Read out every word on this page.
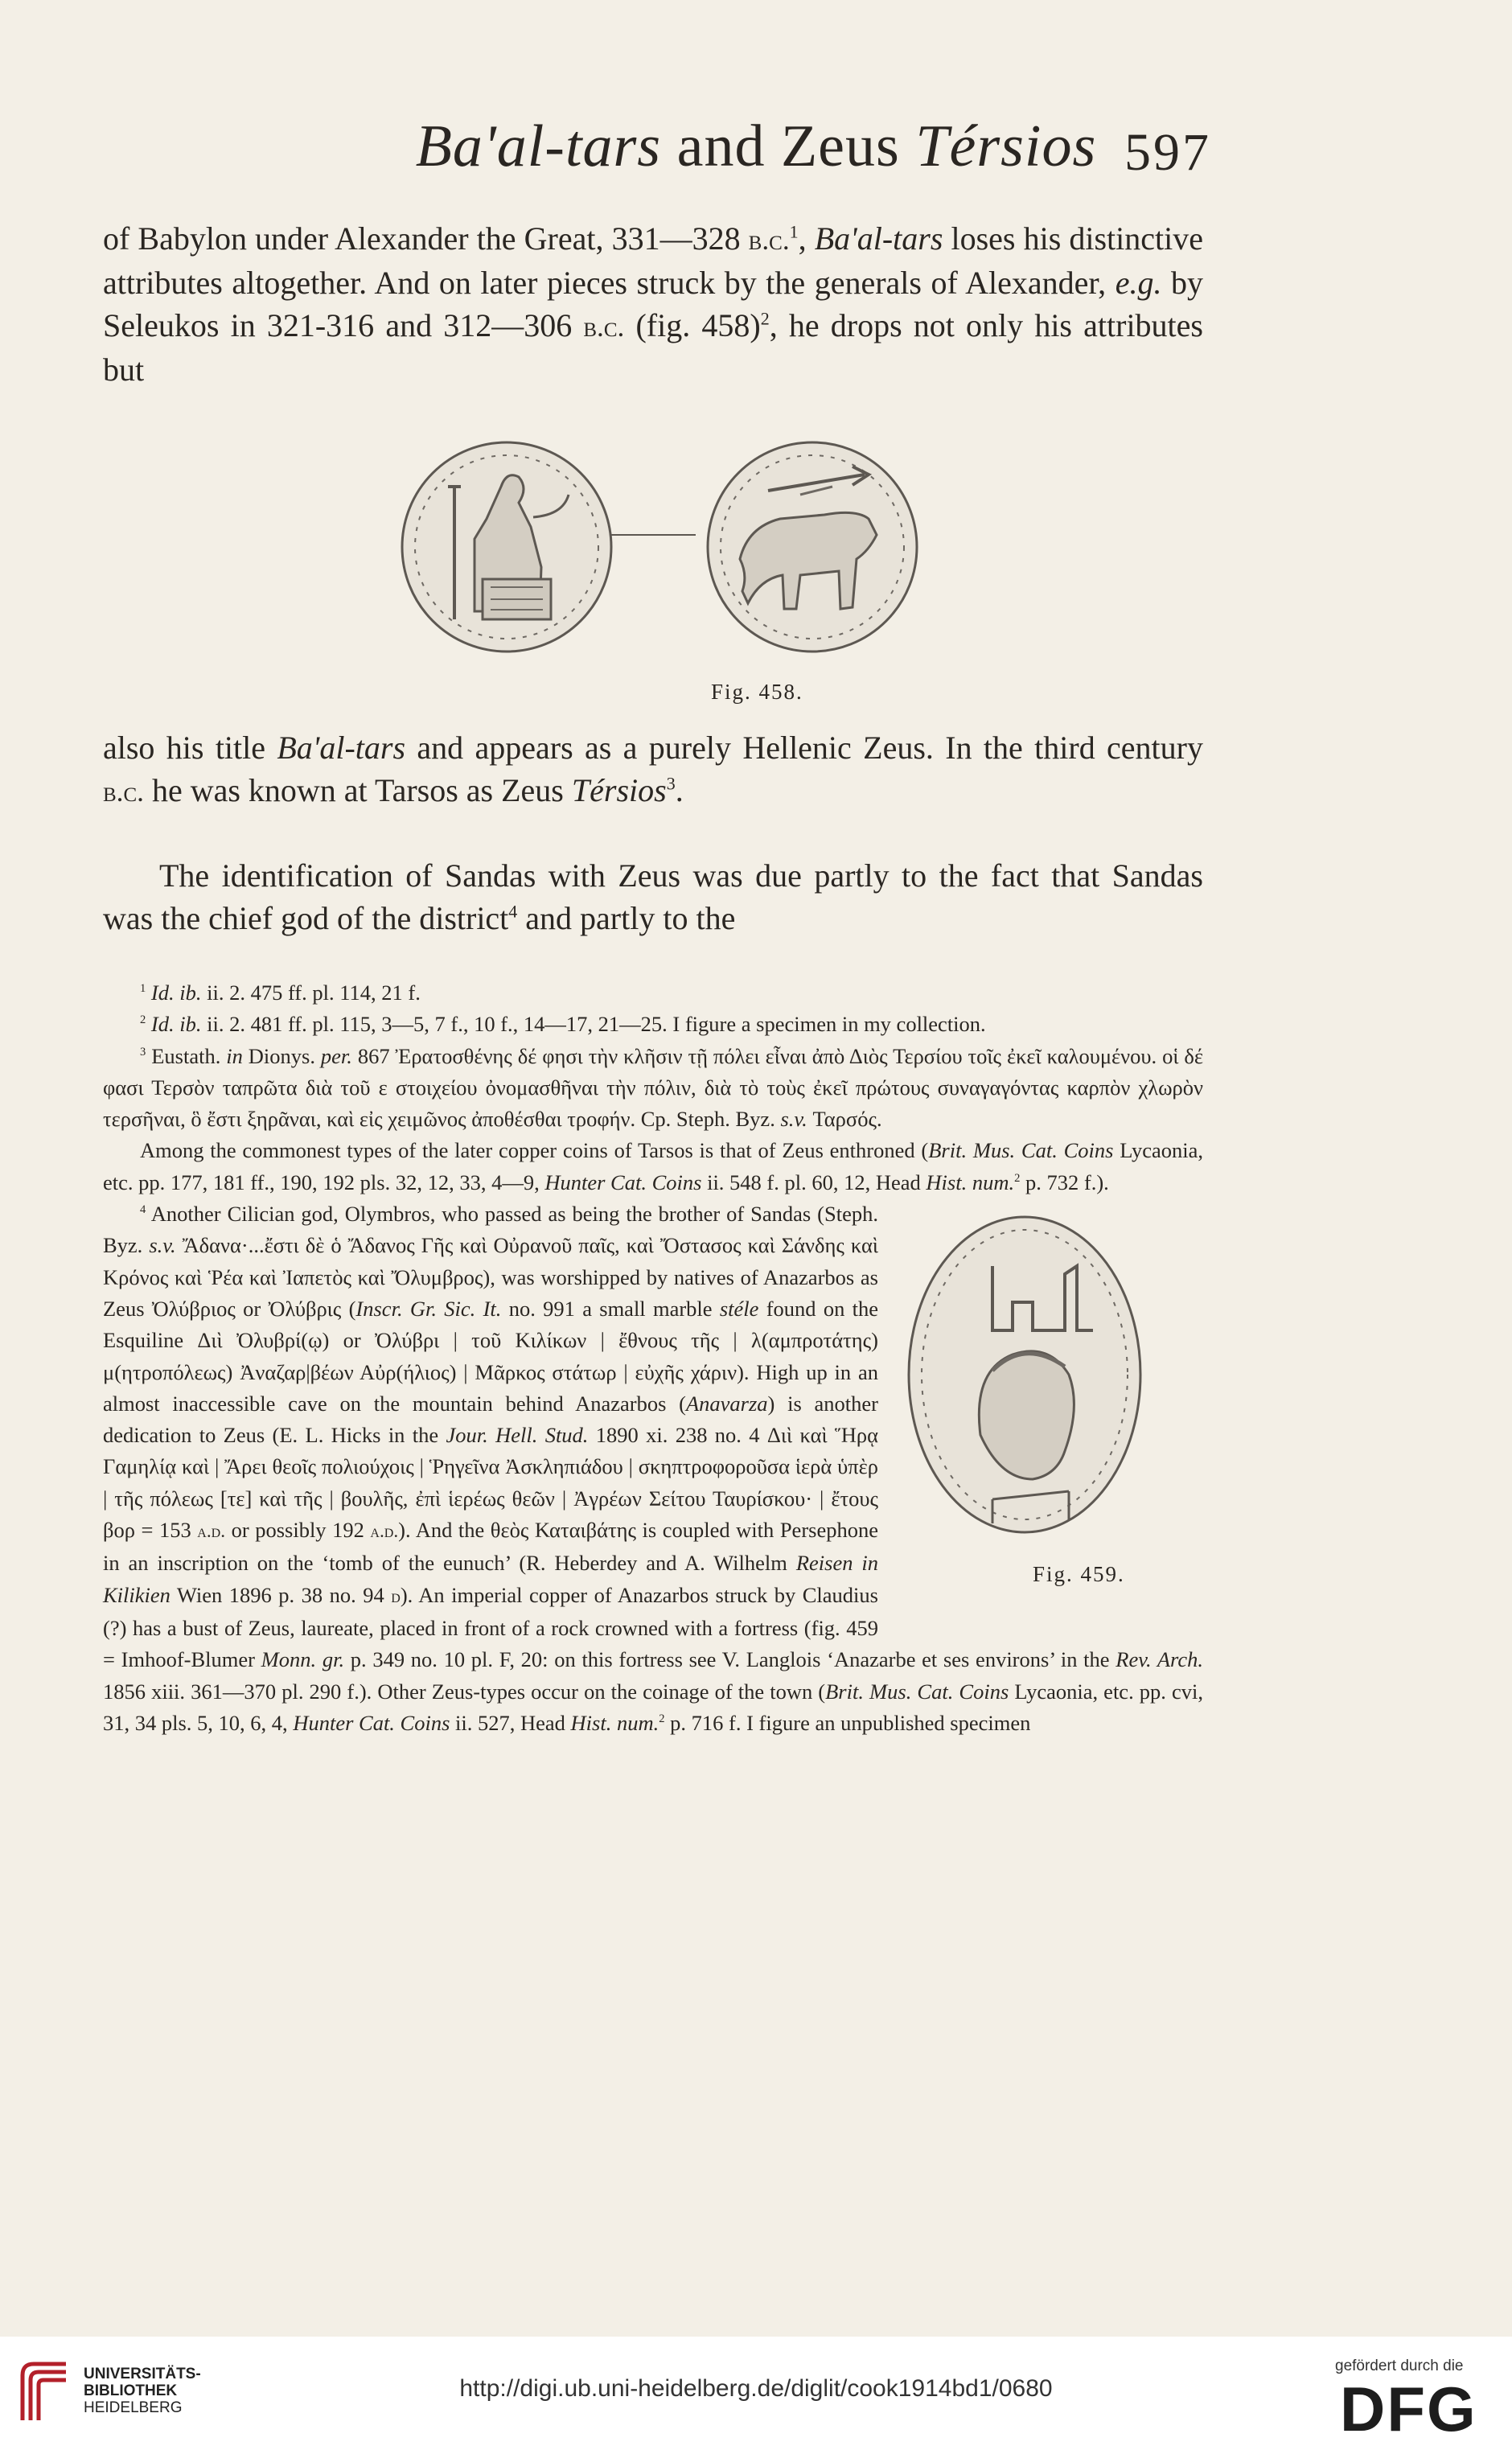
Ba'al-tars and Zeus Térsios 597

of Babylon under Alexander the Great, 331—328 b.c.$^1$, Ba'al-tars loses his distinctive attributes altogether. And on later pieces struck by the generals of Alexander, e.g. by Seleukos in 321-316 and 312—306 b.c. (fig. 458)$^2$, he drops not only his attributes but

Fig. 458.

also his title Ba'al-tars and appears as a purely Hellenic Zeus. In the third century b.c. he was known at Tarsos as Zeus Térsios$^3$.

The identification of Sandas with Zeus was due partly to the fact that Sandas was the chief god of the district$^4$ and partly to the

$^1$ Id. ib. ii. 2. 475 ff. pl. 114, 21 f.

$^2$ Id. ib. ii. 2. 481 ff. pl. 115, 3—5, 7 f., 10 f., 14—17, 21—25. I figure a specimen in my collection.

$^3$ Eustath. in Dionys. per. 867 Ἐρατοσθένης δέ φησι τὴν κλῆσιν τῇ πόλει εἶναι ἀπὸ Διὸς Τερσίου τοῖς ἐκεῖ καλουμένου. οἱ δέ φασι Τερσὸν ταπρῶτα διὰ τοῦ ε στοιχείου ὀνομασθῆναι τὴν πόλιν, διὰ τὸ τοὺς ἐκεῖ πρώτους συναγαγόντας καρπὸν χλωρὸν τερσῆναι, ὃ ἔστι ξηρᾶναι, καὶ εἰς χειμῶνος ἀποθέσθαι τροφήν. Cp. Steph. Byz. s.v. Ταρσός.

Among the commonest types of the later copper coins of Tarsos is that of Zeus enthroned (Brit. Mus. Cat. Coins Lycaonia, etc. pp. 177, 181 ff., 190, 192 pls. 32, 12, 33, 4—9, Hunter Cat. Coins ii. 548 f. pl. 60, 12, Head Hist. num.$^2$ p. 732 f.).

Fig. 459.
$^4$ Another Cilician god, Olymbros, who passed as being the brother of Sandas (Steph. Byz. s.v. Ἄδανα·...ἔστι δὲ ὁ Ἄδανος Γῆς καὶ Οὐρανοῦ παῖς, καὶ Ὄστασος καὶ Σάνδης καὶ Κρόνος καὶ Ῥέα καὶ Ἰαπετὸς καὶ Ὄλυμβρος), was worshipped by natives of Anazarbos as Zeus Ὀλύβριος or Ὀλύβρις (Inscr. Gr. Sic. It. no. 991 a small marble stéle found on the Esquiline Διὶ Ὀλυβρί(ῳ) or Ὀλύβρι | τοῦ Κιλίκων | ἔθνους τῆς | λ(αμπροτάτης) μ(ητροπόλεως) Ἀναζαρ|βέων Αὐρ(ήλιος) | Μᾶρκος στάτωρ | εὐχῆς χάριν). High up in an almost inaccessible cave on the mountain behind Anazarbos (Anavarza) is another dedication to Zeus (E. L. Hicks in the Jour. Hell. Stud. 1890 xi. 238 no. 4 Διὶ καὶ Ἥρᾳ Γαμηλίᾳ καὶ | Ἄρει θεοῖς πολιούχοις | Ῥηγεῖνα Ἀσκληπιάδου | σκηπτροφοροῦσα ἱερὰ ὑπὲρ | τῆς πόλεως [τε] καὶ τῆς | βουλῆς, ἐπὶ ἱερέως θεῶν | Ἀγρέων Σείτου Ταυρίσκου· | ἔτους βορ = 153 a.d. or possibly 192 a.d.). And the θεὸς Καταιβάτης is coupled with Persephone in an inscription on the ‘tomb of the eunuch’ (R. Heberdey and A. Wilhelm Reisen in Kilikien Wien 1896 p. 38 no. 94 d). An imperial copper of Anazarbos struck by Claudius (?) has a bust of Zeus, laureate, placed in front of a rock crowned with a fortress (fig. 459 = Imhoof-Blumer Monn. gr. p. 349 no. 10 pl. F, 20: on this fortress see V. Langlois ‘Anazarbe et ses environs’ in the Rev. Arch. 1856 xiii. 361—370 pl. 290 f.). Other Zeus-types occur on the coinage of the town (Brit. Mus. Cat. Coins Lycaonia, etc. pp. cvi, 31, 34 pls. 5, 10, 6, 4, Hunter Cat. Coins ii. 527, Head Hist. num.$^2$ p. 716 f. I figure an unpublished specimen

UNIVERSITÄTS-
BIBLIOTHEK
HEIDELBERG
http://digi.ub.uni-heidelberg.de/diglit/cook1914bd1/0680
gefördert durch die
DFG
